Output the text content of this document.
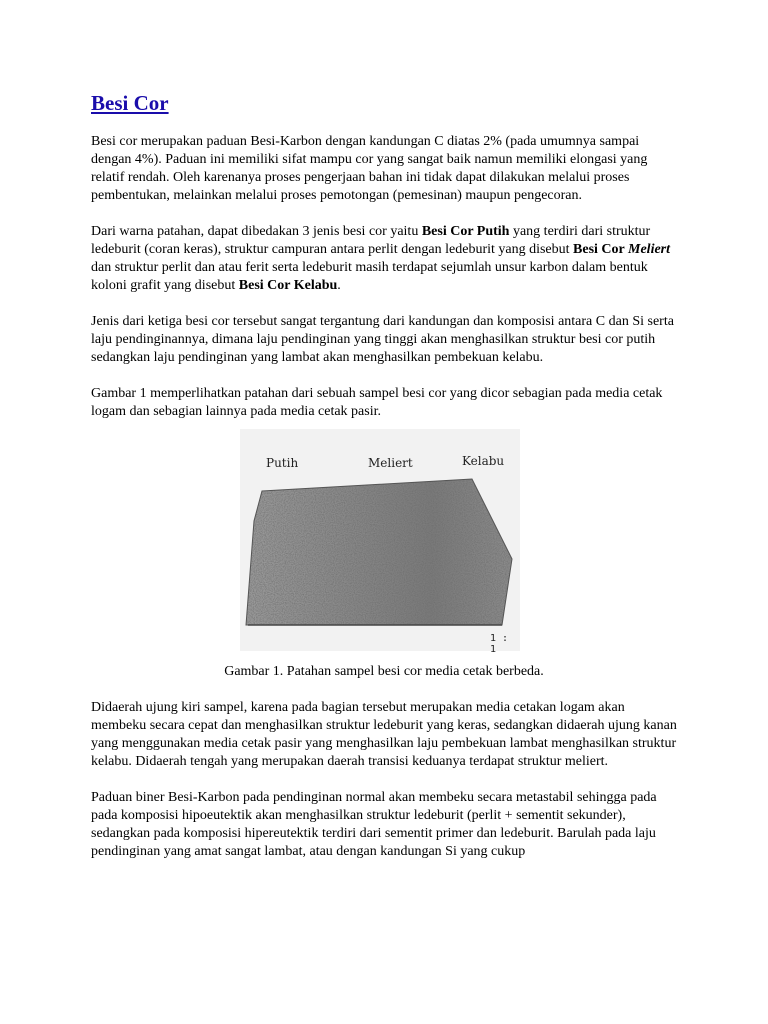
Besi Cor

Besi cor merupakan paduan Besi-Karbon dengan kandungan C diatas 2% (pada umumnya sampai dengan 4%). Paduan ini memiliki sifat mampu cor yang sangat baik namun memiliki elongasi yang relatif rendah. Oleh karenanya proses pengerjaan bahan ini tidak dapat dilakukan melalui proses pembentukan, melainkan melalui proses pemotongan (pemesinan) maupun pengecoran.

Dari warna patahan, dapat dibedakan 3 jenis besi cor yaitu Besi Cor Putih yang terdiri dari struktur ledeburit (coran keras), struktur campuran antara perlit dengan ledeburit yang disebut Besi Cor Meliert dan struktur perlit dan atau ferit serta ledeburit masih terdapat sejumlah unsur karbon dalam bentuk koloni grafit yang disebut Besi Cor Kelabu.

Jenis dari ketiga besi cor tersebut sangat tergantung dari kandungan dan komposisi antara C dan Si serta laju pendinginannya, dimana laju pendinginan yang tinggi akan menghasilkan struktur besi cor putih sedangkan laju pendinginan yang lambat akan menghasilkan pembekuan kelabu.

Gambar 1 memperlihatkan patahan dari sebuah sampel besi cor yang dicor sebagian pada media cetak logam dan sebagian lainnya pada media cetak pasir.

Putih	Meliert	Kelabu
1 : 1
Gambar 1. Patahan sampel besi cor media cetak berbeda.

Didaerah ujung kiri sampel, karena pada bagian tersebut merupakan media cetakan logam akan membeku secara cepat dan menghasilkan struktur ledeburit yang keras, sedangkan didaerah ujung kanan yang menggunakan media cetak pasir yang menghasilkan laju pembekuan lambat menghasilkan struktur kelabu. Didaerah tengah yang merupakan daerah transisi keduanya terdapat struktur meliert.

Paduan biner Besi-Karbon pada pendinginan normal akan membeku secara metastabil sehingga pada pada komposisi hipoeutektik akan menghasilkan struktur ledeburit (perlit + sementit sekunder), sedangkan pada komposisi hipereutektik terdiri dari sementit primer dan ledeburit. Barulah pada laju pendinginan yang amat sangat lambat, atau dengan kandungan Si yang cukup
